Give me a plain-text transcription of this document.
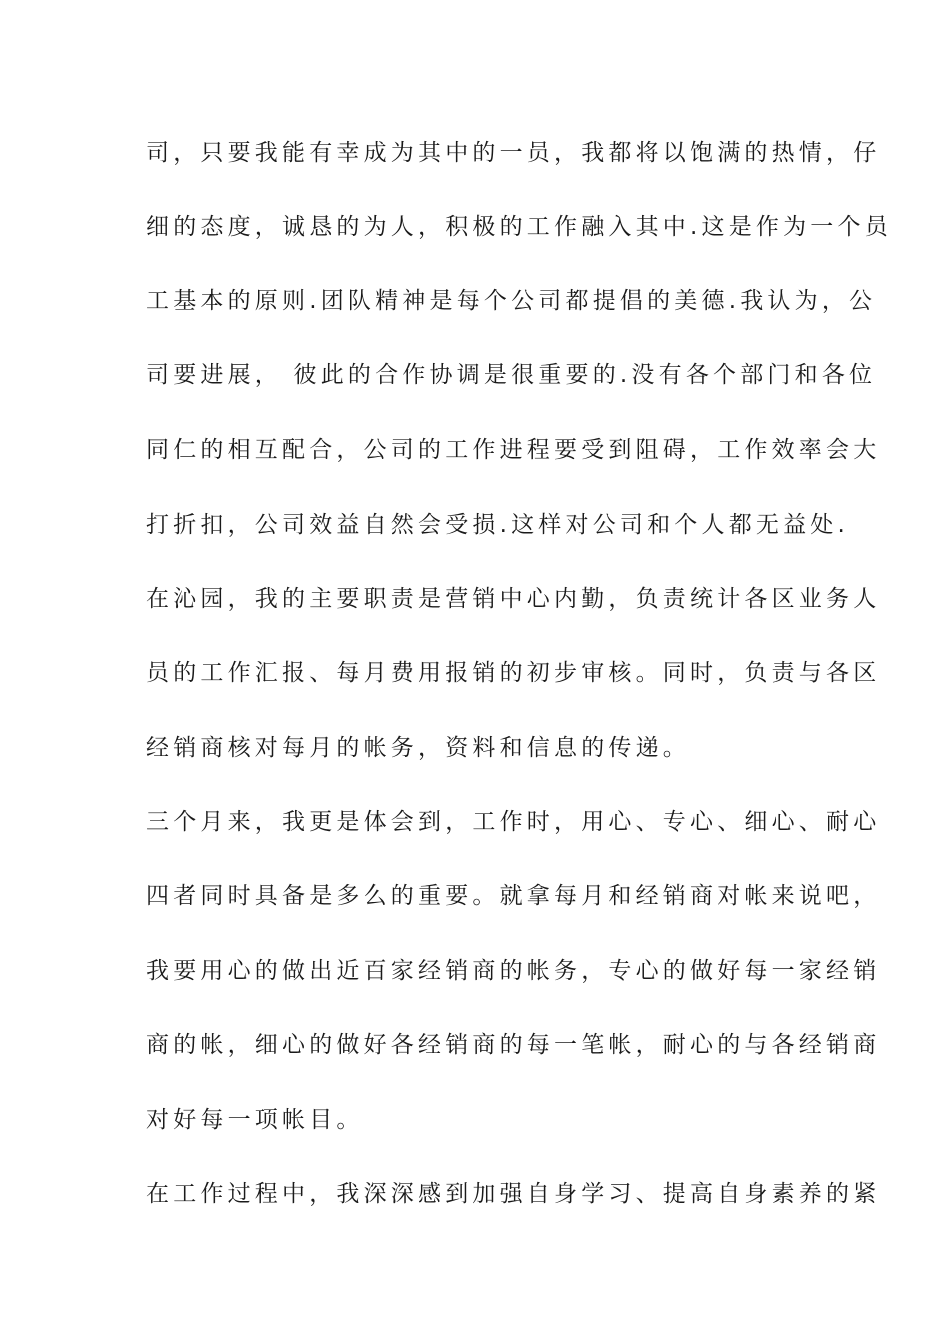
司，只要我能有幸成为其中的一员，我都将以饱满的热情，仔
细的态度，诚恳的为人，积极的工作融入其中.这是作为一个员
工基本的原则.团队精神是每个公司都提倡的美德.我认为，公
司要进展， 彼此的合作协调是很重要的.没有各个部门和各位
同仁的相互配合，公司的工作进程要受到阻碍，工作效率会大
打折扣，公司效益自然会受损.这样对公司和个人都无益处.
在沁园，我的主要职责是营销中心内勤，负责统计各区业务人
员的工作汇报、每月费用报销的初步审核。同时，负责与各区
经销商核对每月的帐务，资料和信息的传递。
三个月来，我更是体会到，工作时，用心、专心、细心、耐心
四者同时具备是多么的重要。就拿每月和经销商对帐来说吧，
我要用心的做出近百家经销商的帐务，专心的做好每一家经销
商的帐，细心的做好各经销商的每一笔帐，耐心的与各经销商
对好每一项帐目。
在工作过程中，我深深感到加强自身学习、提高自身素养的紧
